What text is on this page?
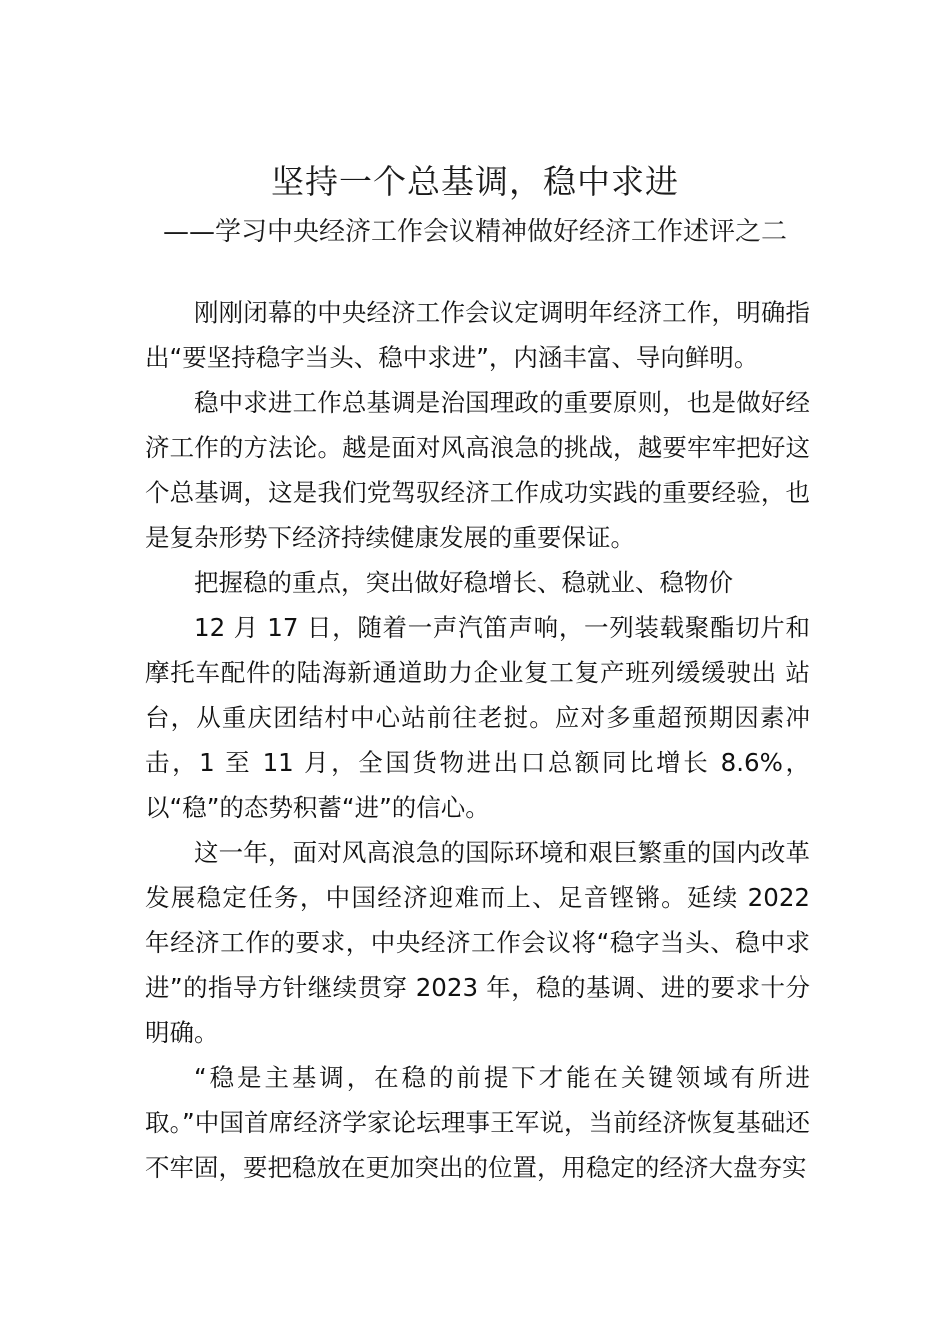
坚持一个总基调，稳中求进
——学习中央经济工作会议精神做好经济工作述评之二

刚刚闭幕的中央经济工作会议定调明年经济工作，明确指出“要坚持稳字当头、稳中求进”，内涵丰富、导向鲜明。

稳中求进工作总基调是治国理政的重要原则，也是做好经济工作的方法论。越是面对风高浪急的挑战，越要牢牢把好这个总基调，这是我们党驾驭经济工作成功实践的重要经验，也是复杂形势下经济持续健康发展的重要保证。

把握稳的重点，突出做好稳增长、稳就业、稳物价

12 月 17 日，随着一声汽笛声响，一列装载聚酯切片和摩托车配件的陆海新通道助力企业复工复产班列缓缓驶出 站台，从重庆团结村中心站前往老挝。应对多重超预期因素冲击，1 至 11 月，全国货物进出口总额同比增长 8.6%，以“稳”的态势积蓄“进”的信心。

这一年，面对风高浪急的国际环境和艰巨繁重的国内改革发展稳定任务，中国经济迎难而上、足音铿锵。延续 2022 年经济工作的要求，中央经济工作会议将“稳字当头、稳中求进”的指导方针继续贯穿 2023 年，稳的基调、进的要求十分明确。

“稳是主基调，在稳的前提下才能在关键领域有所进取。”中国首席经济学家论坛理事王军说，当前经济恢复基础还不牢固，要把稳放在更加突出的位置，用稳定的经济大盘夯实
